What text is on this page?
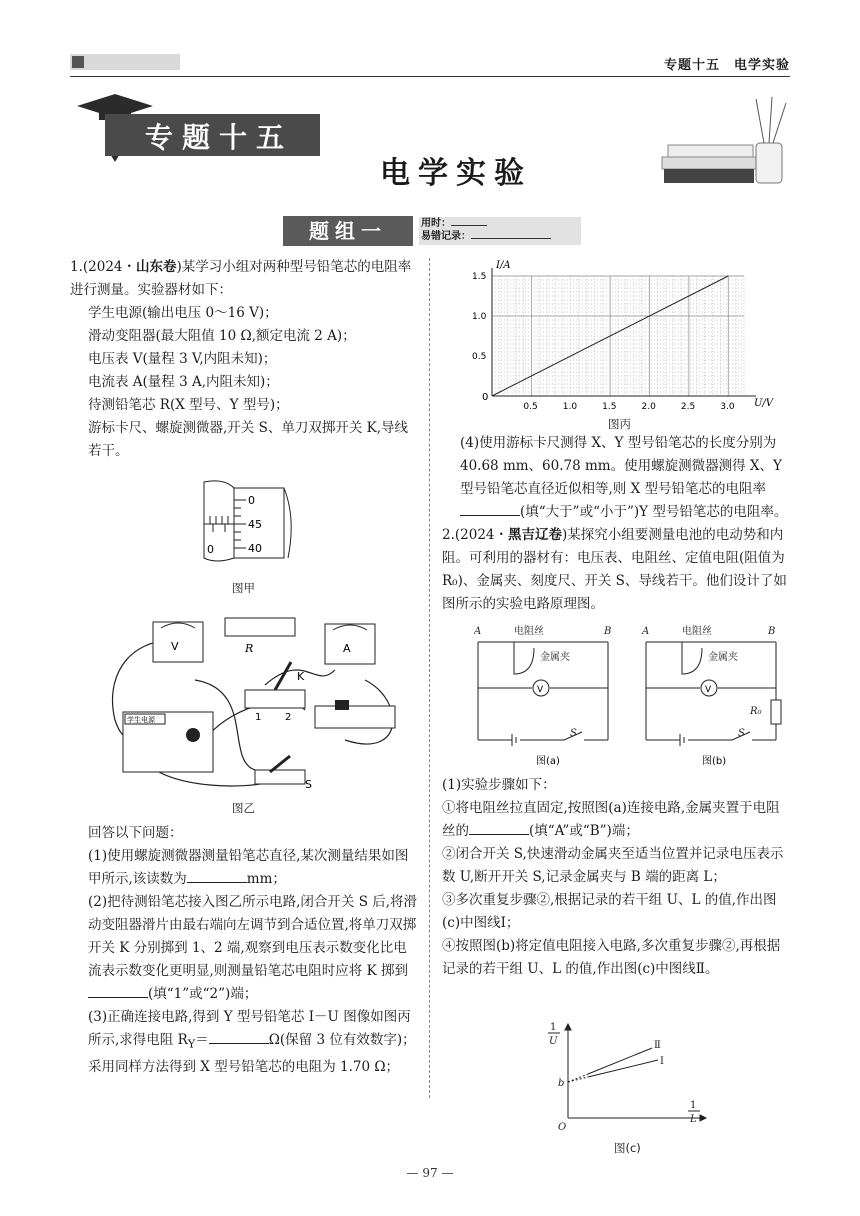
专题十五　电学实验
专题十五
电学实验
题组一	用时：
易错记录：

1.(2024・山东卷)某学习小组对两种型号铅笔芯的电阻率进行测量。实验器材如下：

学生电源(输出电压 0～16 V)；

滑动变阻器(最大阻值 10 Ω,额定电流 2 A)；

电压表 V(量程 3 V,内阻未知)；

电流表 A(量程 3 A,内阻未知)；

待测铅笔芯 R(X 型号、Y 型号)；

游标卡尺、螺旋测微器,开关 S、单刀双掷开关 K,导线若干。

0
45
40
0
图甲
V	R	A
K
1 2
学生电源
S
图乙

回答以下问题：

(1)使用螺旋测微器测量铅笔芯直径,某次测量结果如图甲所示,该读数为	mm；

(2)把待测铅笔芯接入图乙所示电路,闭合开关 S 后,将滑动变阻器滑片由最右端向左调节到合适位置,将单刀双掷开关 K 分别掷到 1、2 端,观察到电压表示数变化比电流表示数变化更明显,则测量铅笔芯电阻时应将 K 掷到(填“1”或“2”)端；

(3)正确连接电路,得到 Y 型号铅笔芯 I－U 图像如图丙所示,求得电阻 $R_Y=$	Ω(保留 3 位有效数字)；采用同样方法得到 X 型号铅笔芯的电阻为 1.70 Ω；

0.5	1.0	1.5	2.0	2.5	3.0
0.5
1.0
1.5
I/A
U/V
0
图丙

(4)使用游标卡尺测得 X、Y 型号铅笔芯的长度分别为 40.68 mm、60.78 mm。使用螺旋测微器测得 X、Y 型号铅笔芯直径近似相等,则 X 型号铅笔芯的电阻率(填“大于”或“小于”)Y 型号铅笔芯的电阻率。

2.(2024・黑吉辽卷)某探究小组要测量电池的电动势和内阻。可利用的器材有：电压表、电阻丝、定值电阻(阻值为 R₀)、金属夹、刻度尺、开关 S、导线若干。他们设计了如图所示的实验电路原理图。

A	B
电阻丝
金属夹
S
A	B
电阻丝
金属夹
S
R₀
V	V
图(a)	图(b)

(1)实验步骤如下：

①将电阻丝拉直固定,按照图(a)连接电路,金属夹置于电阻丝的	(填“A”或“B”)端；

②闭合开关 S,快速滑动金属夹至适当位置并记录电压表示数 U,断开开关 S,记录金属夹与 B 端的距离 L；

③多次重复步骤②,根据记录的若干组 U、L 的值,作出图(c)中图线Ⅰ；

④按照图(b)将定值电阻接入电路,多次重复步骤②,再根据记录的若干组 U、L 的值,作出图(c)中图线Ⅱ。

1
U
1
L
O
b
Ⅱ
Ⅰ
图(c)
— 97 —
